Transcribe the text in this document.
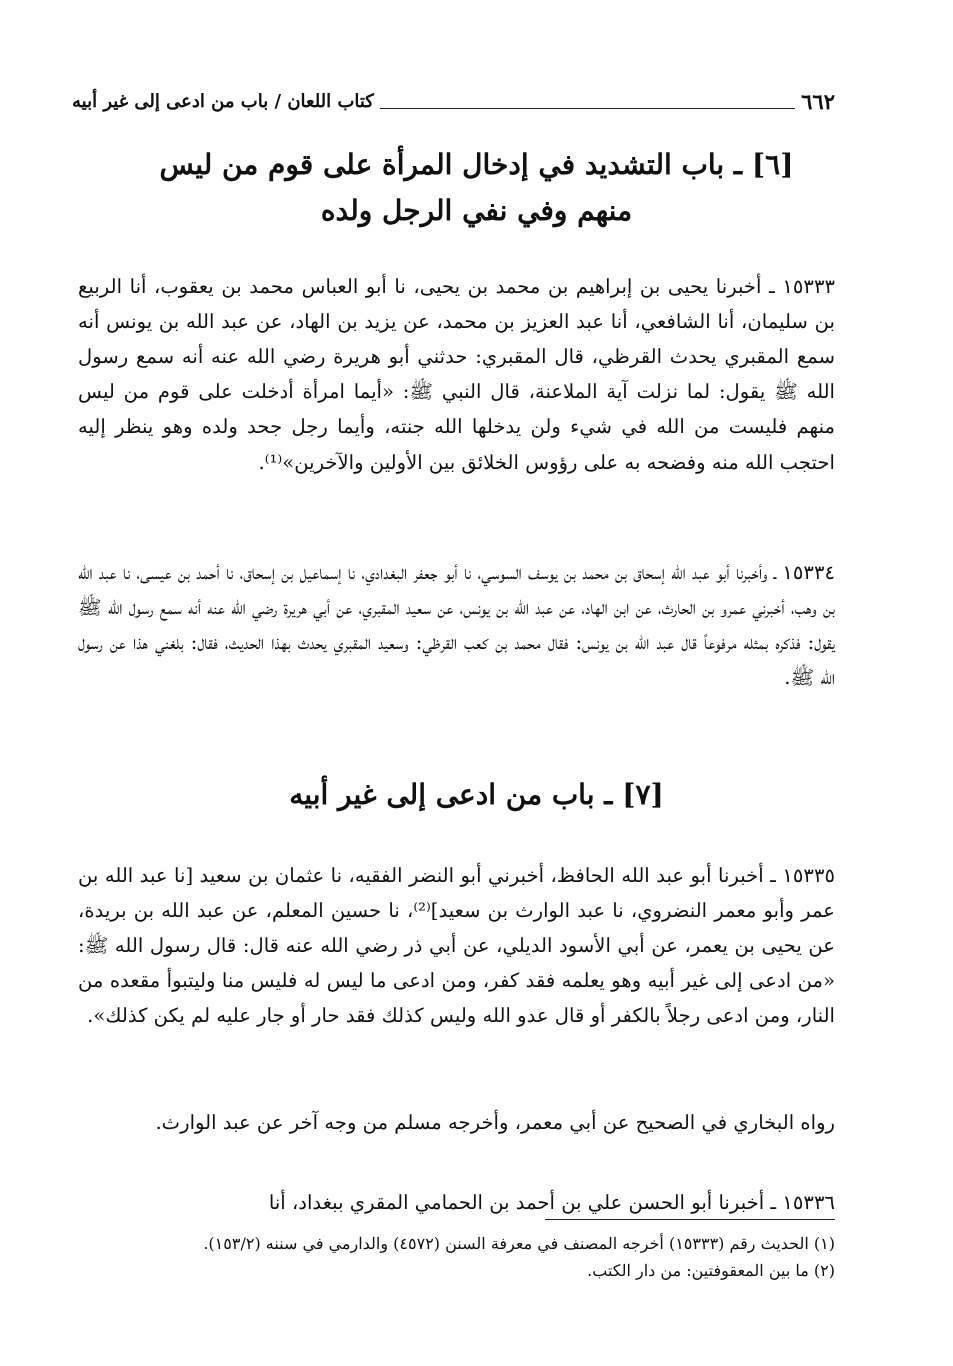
٦٦٢
كتاب اللعان / باب من ادعى إلى غير أبيه
[٦] ـ باب التشديد في إدخال المرأة على قوم من ليس
منهم وفي نفي الرجل ولده

١٥٣٣٣ ـ أخبرنا يحيى بن إبراهيم بن محمد بن يحيى، نا أبو العباس محمد بن يعقوب، أنا الربيع بن سليمان، أنا الشافعي، أنا عبد العزيز بن محمد، عن يزيد بن الهاد، عن عبد الله بن يونس أنه سمع المقبري يحدث القرظي، قال المقبري: حدثني أبو هريرة رضي الله عنه أنه سمع رسول الله ﷺ يقول: لما نزلت آية الملاعنة، قال النبي ﷺ: «أيما امرأة أدخلت على قوم من ليس منهم فليست من الله في شيء ولن يدخلها الله جنته، وأيما رجل جحد ولده وهو ينظر إليه احتجب الله منه وفضحه به على رؤوس الخلائق بين الأولين والآخرين»⁽¹⁾.

١٥٣٣٤ ـ وأخبرنا أبو عبد الله إسحاق بن محمد بن يوسف السوسي، نا أبو جعفر البغدادي، نا إسماعيل بن إسحاق، نا أحمد بن عيسى، نا عبد الله بن وهب، أخبرني عمرو بن الحارث، عن ابن الهاد، عن عبد الله بن يونس، عن سعيد المقبري، عن أبي هريرة رضي الله عنه أنه سمع رسول الله ﷺ يقول: فذكره بمثله مرفوعاً قال عبد الله بن يونس: فقال محمد بن كعب القرظي: وسعيد المقبري يحدث بهذا الحديث، فقال: بلغني هذا عن رسول الله ﷺ.

[٧] ـ باب من ادعى إلى غير أبيه

١٥٣٣٥ ـ أخبرنا أبو عبد الله الحافظ، أخبرني أبو النضر الفقيه، نا عثمان بن سعيد [نا عبد الله بن عمر وأبو معمر النضروي، نا عبد الوارث بن سعيد]⁽²⁾، نا حسين المعلم، عن عبد الله بن بريدة، عن يحيى بن يعمر، عن أبي الأسود الديلي، عن أبي ذر رضي الله عنه قال: قال رسول الله ﷺ: «من ادعى إلى غير أبيه وهو يعلمه فقد كفر، ومن ادعى ما ليس له فليس منا وليتبوأ مقعده من النار، ومن ادعى رجلاً بالكفر أو قال عدو الله وليس كذلك فقد حار أو جار عليه لم يكن كذلك».

رواه البخاري في الصحيح عن أبي معمر، وأخرجه مسلم من وجه آخر عن عبد الوارث.

١٥٣٣٦ ـ أخبرنا أبو الحسن علي بن أحمد بن الحمامي المقري ببغداد، أنا

(١) الحديث رقم (١٥٣٣٣) أخرجه المصنف في معرفة السنن (٤٥٧٢) والدارمي في سننه (١٥٣/٢).
(٢) ما بين المعقوفتين: من دار الكتب.
